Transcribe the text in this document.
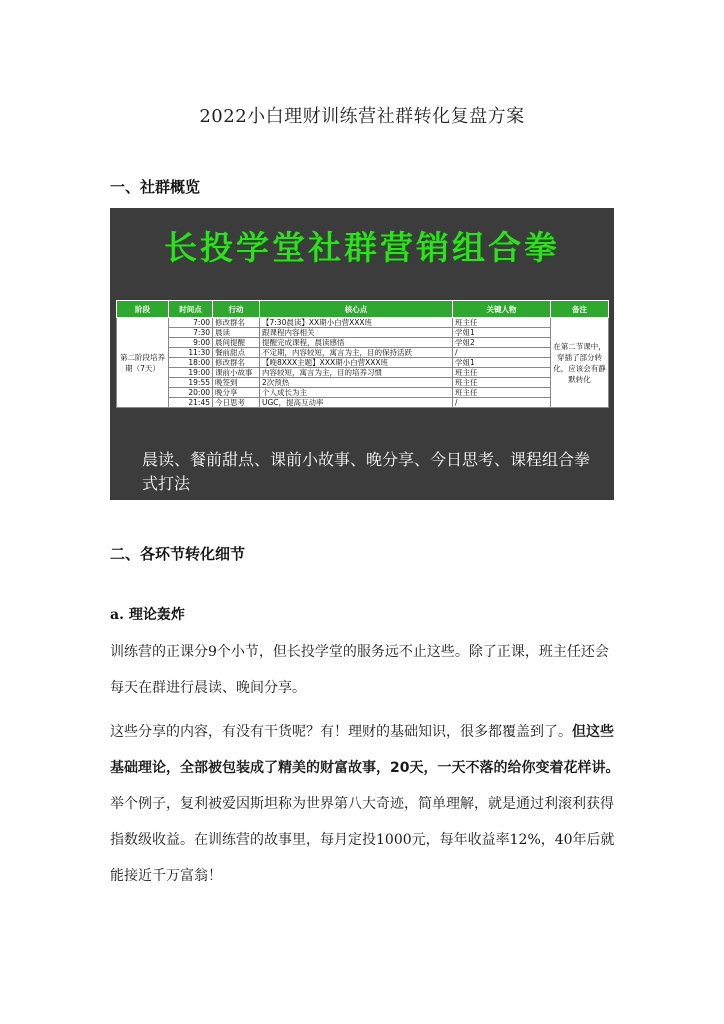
2022小白理财训练营社群转化复盘方案
一、社群概览
长投学堂社群营销组合拳
阶段	时间点	行动	核心点	关键人物	备注
第二阶段培养期（7天）	7:00	修改群名	【7:30晨读】XX期小白营XXX班	班主任	在第二节课中，穿插了部分转化，应该会有静默转化
	7:30	晨读	跟课程内容相关	学姐1	
	9:00	晨间提醒	提醒完成课程，晨读感悟	学姐2	
	11:30	餐前甜点	不定期，内容较短，寓言为主，目的保持活跃	/	
	18:00	修改群名	【晚8XXX主题】XXX期小白营XXX班	学姐1	
	19:00	课前小故事	内容较短，寓言为主，目的培养习惯	班主任	
	19:55	晚签到	2次预热	班主任	
	20:00	晚分享	个人成长为主	班主任	
	21:45	今日思考	UGC，提高互动率	/	
晨读、餐前甜点、课前小故事、晚分享、今日思考、课程组合拳式打法
二、各环节转化细节
a. 理论轰炸
训练营的正课分9个小节，但长投学堂的服务远不止这些。除了正课，班主任还会每天在群进行晨读、晚间分享。
这些分享的内容，有没有干货呢？有！理财的基础知识，很多都覆盖到了。但这些基础理论，全部被包装成了精美的财富故事，20天，一天不落的给你变着花样讲。举个例子，复利被爱因斯坦称为世界第八大奇迹，简单理解，就是通过利滚利获得指数级收益。在训练营的故事里，每月定投1000元，每年收益率12%，40年后就能接近千万富翁！
